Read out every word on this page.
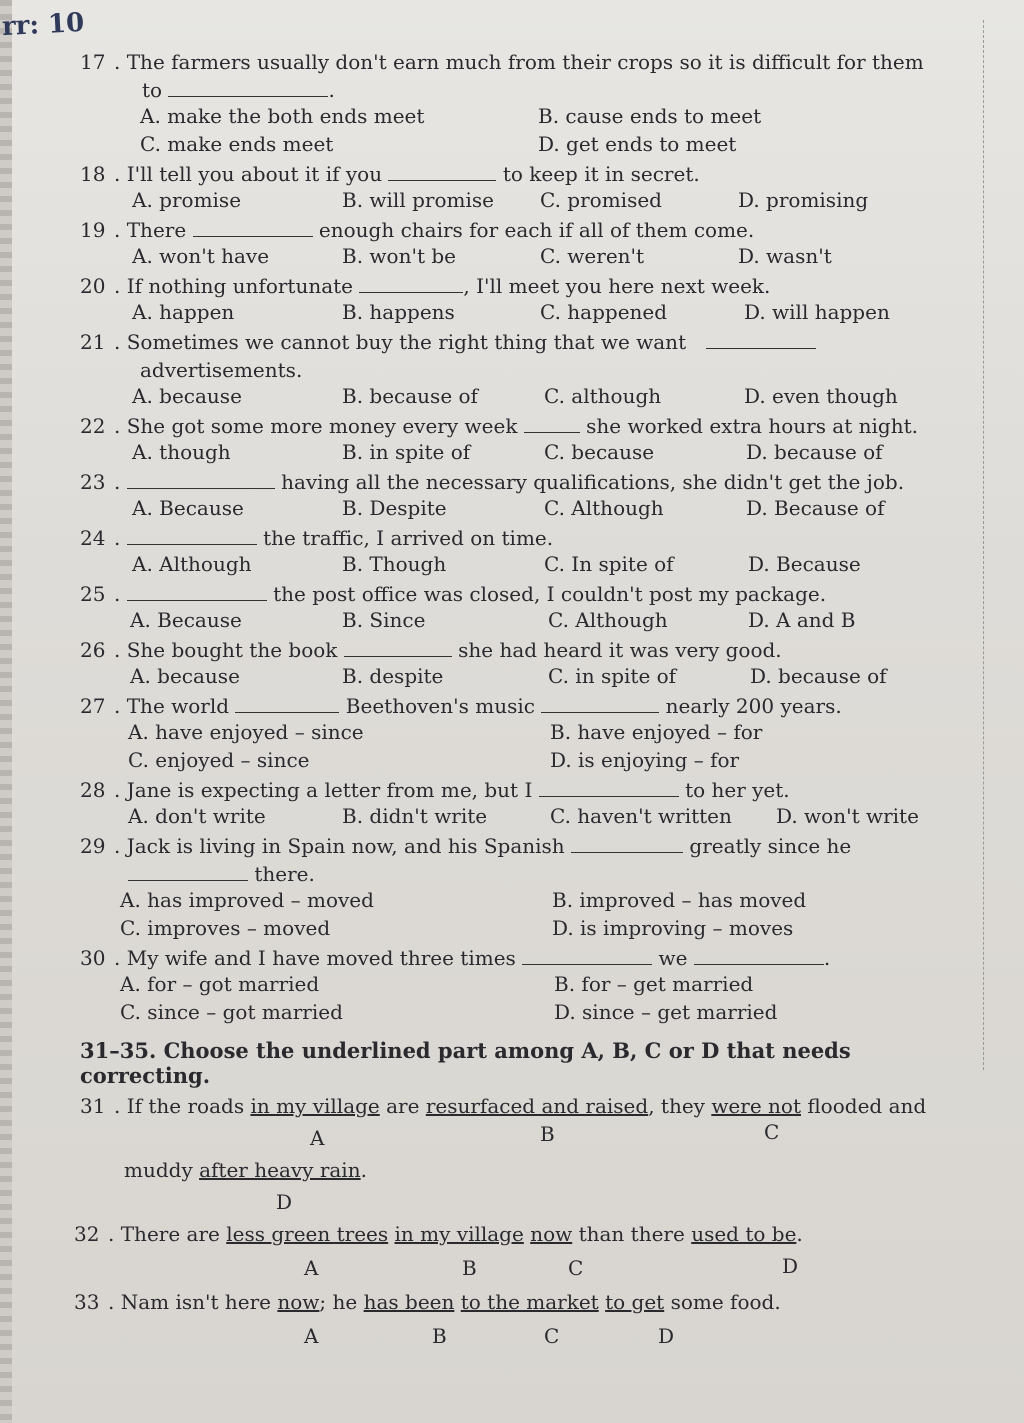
rr: 10
17 . The farmers usually don't earn much from their crops so it is difficult for them
to	.
A. make the both ends meet	B. cause ends to meet
C. make ends meet	D. get ends to meet
18 . I'll tell you about it if you	to keep it in secret.
A. promise	B. will promise C. promised	D. promising
19 . There	enough chairs for each if all of them come.
A. won't have	B. won't be	C. weren't	D. wasn't
20 . If nothing unfortunate	, I'll meet you here next week.
A. happen	B. happens	C. happened	D. will happen
21 . Sometimes we cannot buy the right thing that we want
advertisements.
A. because	B. because of	C. although	D. even though
22 . She got some more money every week	she worked extra hours at night.
A. though	B. in spite of	C. because	D. because of
23 .	having all the necessary qualifications, she didn't get the job.
A. Because	B. Despite	C. Although	D. Because of
24 .	the traffic, I arrived on time.
A. Although	B. Though	C. In spite of	D. Because
25 .	the post office was closed, I couldn't post my package.
A. Because	B. Since	C. Although	D. A and B
26 . She bought the book	she had heard it was very good.
A. because	B. despite	C. in spite of	D. because of
27 . The world	Beethoven's music	nearly 200 years.
A. have enjoyed – since	B. have enjoyed – for
C. enjoyed – since	D. is enjoying – for
28 . Jane is expecting a letter from me, but I	to her yet.
A. don't write	B. didn't write	C. haven't written D. won't write
29 . Jack is living in Spain now, and his Spanish	greatly since he
there.
A. has improved – moved	B. improved – has moved
C. improves – moved	D. is improving – moves
30 . My wife and I have moved three times	we	.
A. for – got married	B. for – get married
C. since – got married	D. since – get married
31–35. Choose the underlined part among A, B, C or D that needs correcting.
31 . If the roads in my village are resurfaced and raised, they were not flooded and
A	B	C
muddy after heavy rain.
D
32 . There are less green trees in my village now than there used to be.
A	B	C	D
33 . Nam isn't here now; he has been to the market to get some food.
A	B	C	D
